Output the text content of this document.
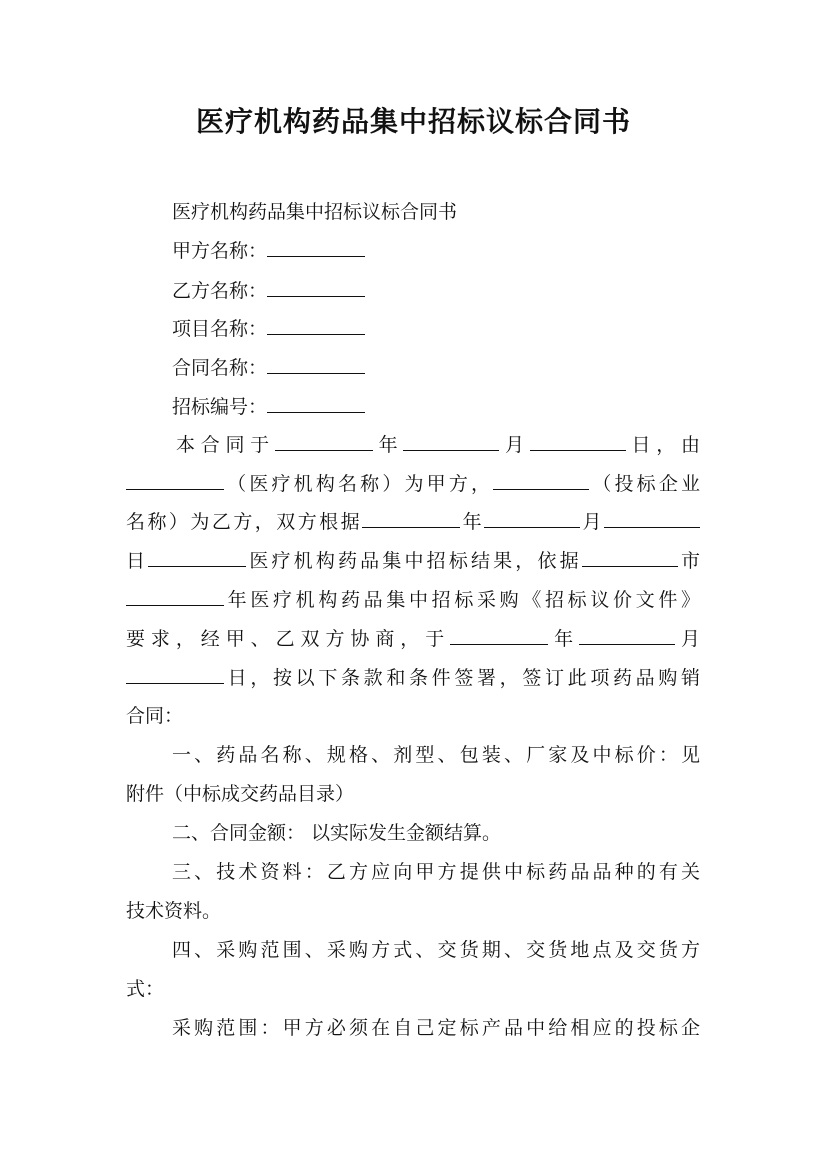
医疗机构药品集中招标议标合同书
医疗机构药品集中招标议标合同书
甲方名称：
乙方名称：
项目名称：
合同名称：
招标编号：
本合同于	年	月	日，由
（医疗机构名称）为甲方，	（投标企业
名称）为乙方，双方根据	年	月
日	医疗机构药品集中招标结果，依据	市
年医疗机构药品集中招标采购《招标议价文件》
要求，经甲、乙双方协商，于	年	月
日，按以下条款和条件签署，签订此项药品购销
合同：
一、药品名称、规格、剂型、包装、厂家及中标价：见
附件（中标成交药品目录）
二、合同金额： 以实际发生金额结算。
三、技术资料：乙方应向甲方提供中标药品品种的有关
技术资料。
四、采购范围、采购方式、交货期、交货地点及交货方
式：
采购范围：甲方必须在自己定标产品中给相应的投标企
